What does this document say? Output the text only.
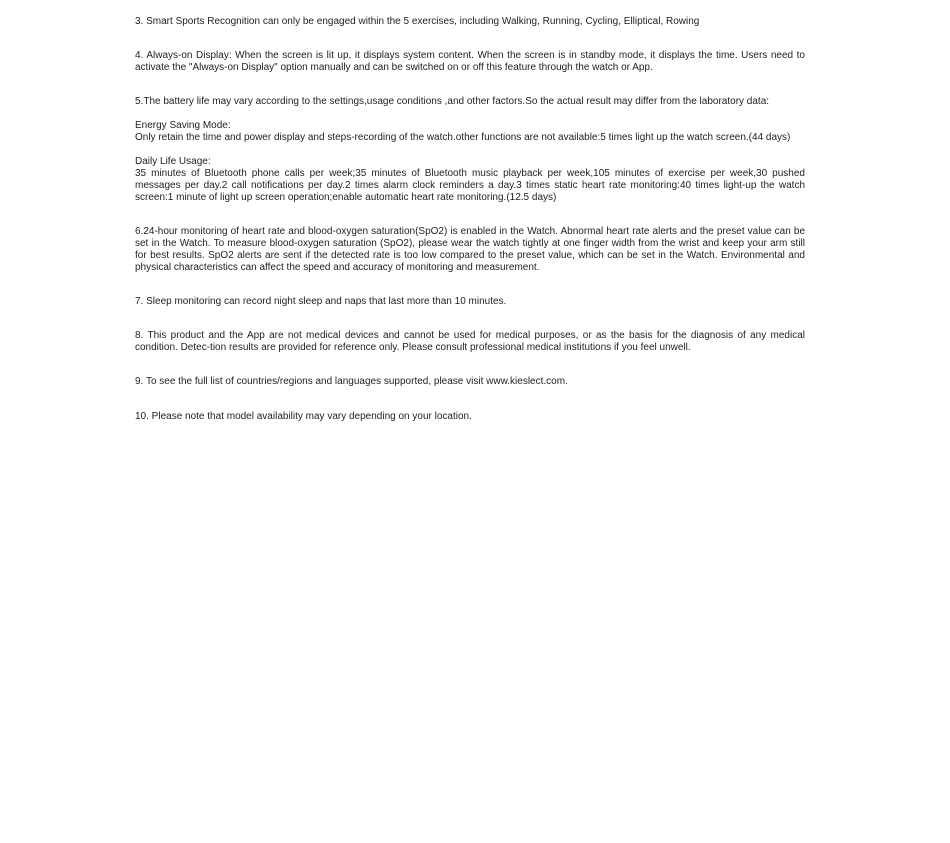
3. Smart Sports Recognition can only be engaged within the 5 exercises, including Walking, Running, Cycling, Elliptical, Rowing

4. Always-on Display: When the screen is lit up, it displays system content. When the screen is in standby mode, it displays the time. Users need to activate the "Always-on Display" option manually and can be switched on or off this feature through the watch or App.

5.The battery life may vary according to the settings,usage conditions ,and other factors.So the actual result may differ from the laboratory data:

Energy Saving Mode:

Only retain the time and power display and steps-recording of the watch.other functions are not available:5 times light up the watch screen.(44 days)

Daily Life Usage:

35 minutes of Bluetooth phone calls per week;35 minutes of Bluetooth music playback per week,105 minutes of exercise per week,30 pushed messages per day.2 call notifications per day.2 times alarm clock reminders a day.3 times static heart rate monitoring:40 times light-up the watch screen:1 minute of light up screen operation;enable automatic heart rate monitoring.(12.5 days)

6.24-hour monitoring of heart rate and blood-oxygen saturation(SpO2) is enabled in the Watch. Abnormal heart rate alerts and the preset value can be set in the Watch. To measure blood-oxygen saturation (SpO2), please wear the watch tightly at one finger width from the wrist and keep your arm still for best results. SpO2 alerts are sent if the detected rate is too low compared to the preset value, which can be set in the Watch. Environmental and physical characteristics can affect the speed and accuracy of monitoring and measurement.

7. Sleep monitoring can record night sleep and naps that last more than 10 minutes.

8. This product and the App are not medical devices and cannot be used for medical purposes, or as the basis for the diagnosis of any medical condition. Detec-tion results are provided for reference only. Please consult professional medical institutions if you feel unwell.

9. To see the full list of countries/regions and languages supported, please visit www.kieslect.com.

10. Please note that model availability may vary depending on your location.
